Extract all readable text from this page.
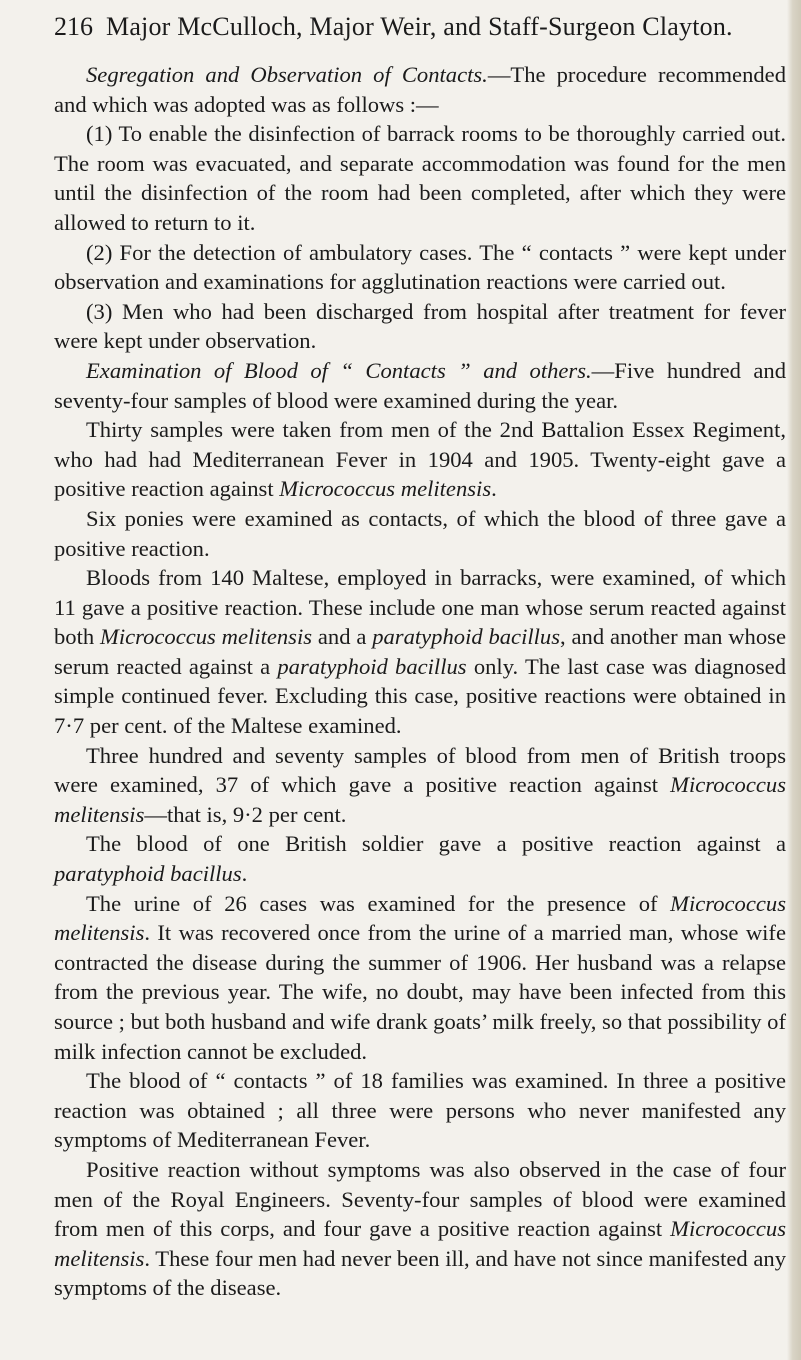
216 Major McCulloch, Major Weir, and Staff-Surgeon Clayton.

Segregation and Observation of Contacts.—The procedure recommended and which was adopted was as follows :—

(1) To enable the disinfection of barrack rooms to be thoroughly carried out. The room was evacuated, and separate accommodation was found for the men until the disinfection of the room had been completed, after which they were allowed to return to it.

(2) For the detection of ambulatory cases. The “ contacts ” were kept under observation and examinations for agglutination reactions were carried out.

(3) Men who had been discharged from hospital after treatment for fever were kept under observation.

Examination of Blood of “ Contacts ” and others.—Five hundred and seventy-four samples of blood were examined during the year.

Thirty samples were taken from men of the 2nd Battalion Essex Regiment, who had had Mediterranean Fever in 1904 and 1905. Twenty-eight gave a positive reaction against Micrococcus melitensis.

Six ponies were examined as contacts, of which the blood of three gave a positive reaction.

Bloods from 140 Maltese, employed in barracks, were examined, of which 11 gave a positive reaction. These include one man whose serum reacted against both Micrococcus melitensis and a paratyphoid bacillus, and another man whose serum reacted against a paratyphoid bacillus only. The last case was diagnosed simple continued fever. Excluding this case, positive reactions were obtained in 7·7 per cent. of the Maltese examined.

Three hundred and seventy samples of blood from men of British troops were examined, 37 of which gave a positive reaction against Micrococcus melitensis—that is, 9·2 per cent.

The blood of one British soldier gave a positive reaction against a paratyphoid bacillus.

The urine of 26 cases was examined for the presence of Micrococcus melitensis. It was recovered once from the urine of a married man, whose wife contracted the disease during the summer of 1906. Her husband was a relapse from the previous year. The wife, no doubt, may have been infected from this source ; but both husband and wife drank goats’ milk freely, so that possibility of milk infection cannot be excluded.

The blood of “ contacts ” of 18 families was examined. In three a positive reaction was obtained ; all three were persons who never manifested any symptoms of Mediterranean Fever.

Positive reaction without symptoms was also observed in the case of four men of the Royal Engineers. Seventy-four samples of blood were examined from men of this corps, and four gave a positive reaction against Micrococcus melitensis. These four men had never been ill, and have not since manifested any symptoms of the disease.
